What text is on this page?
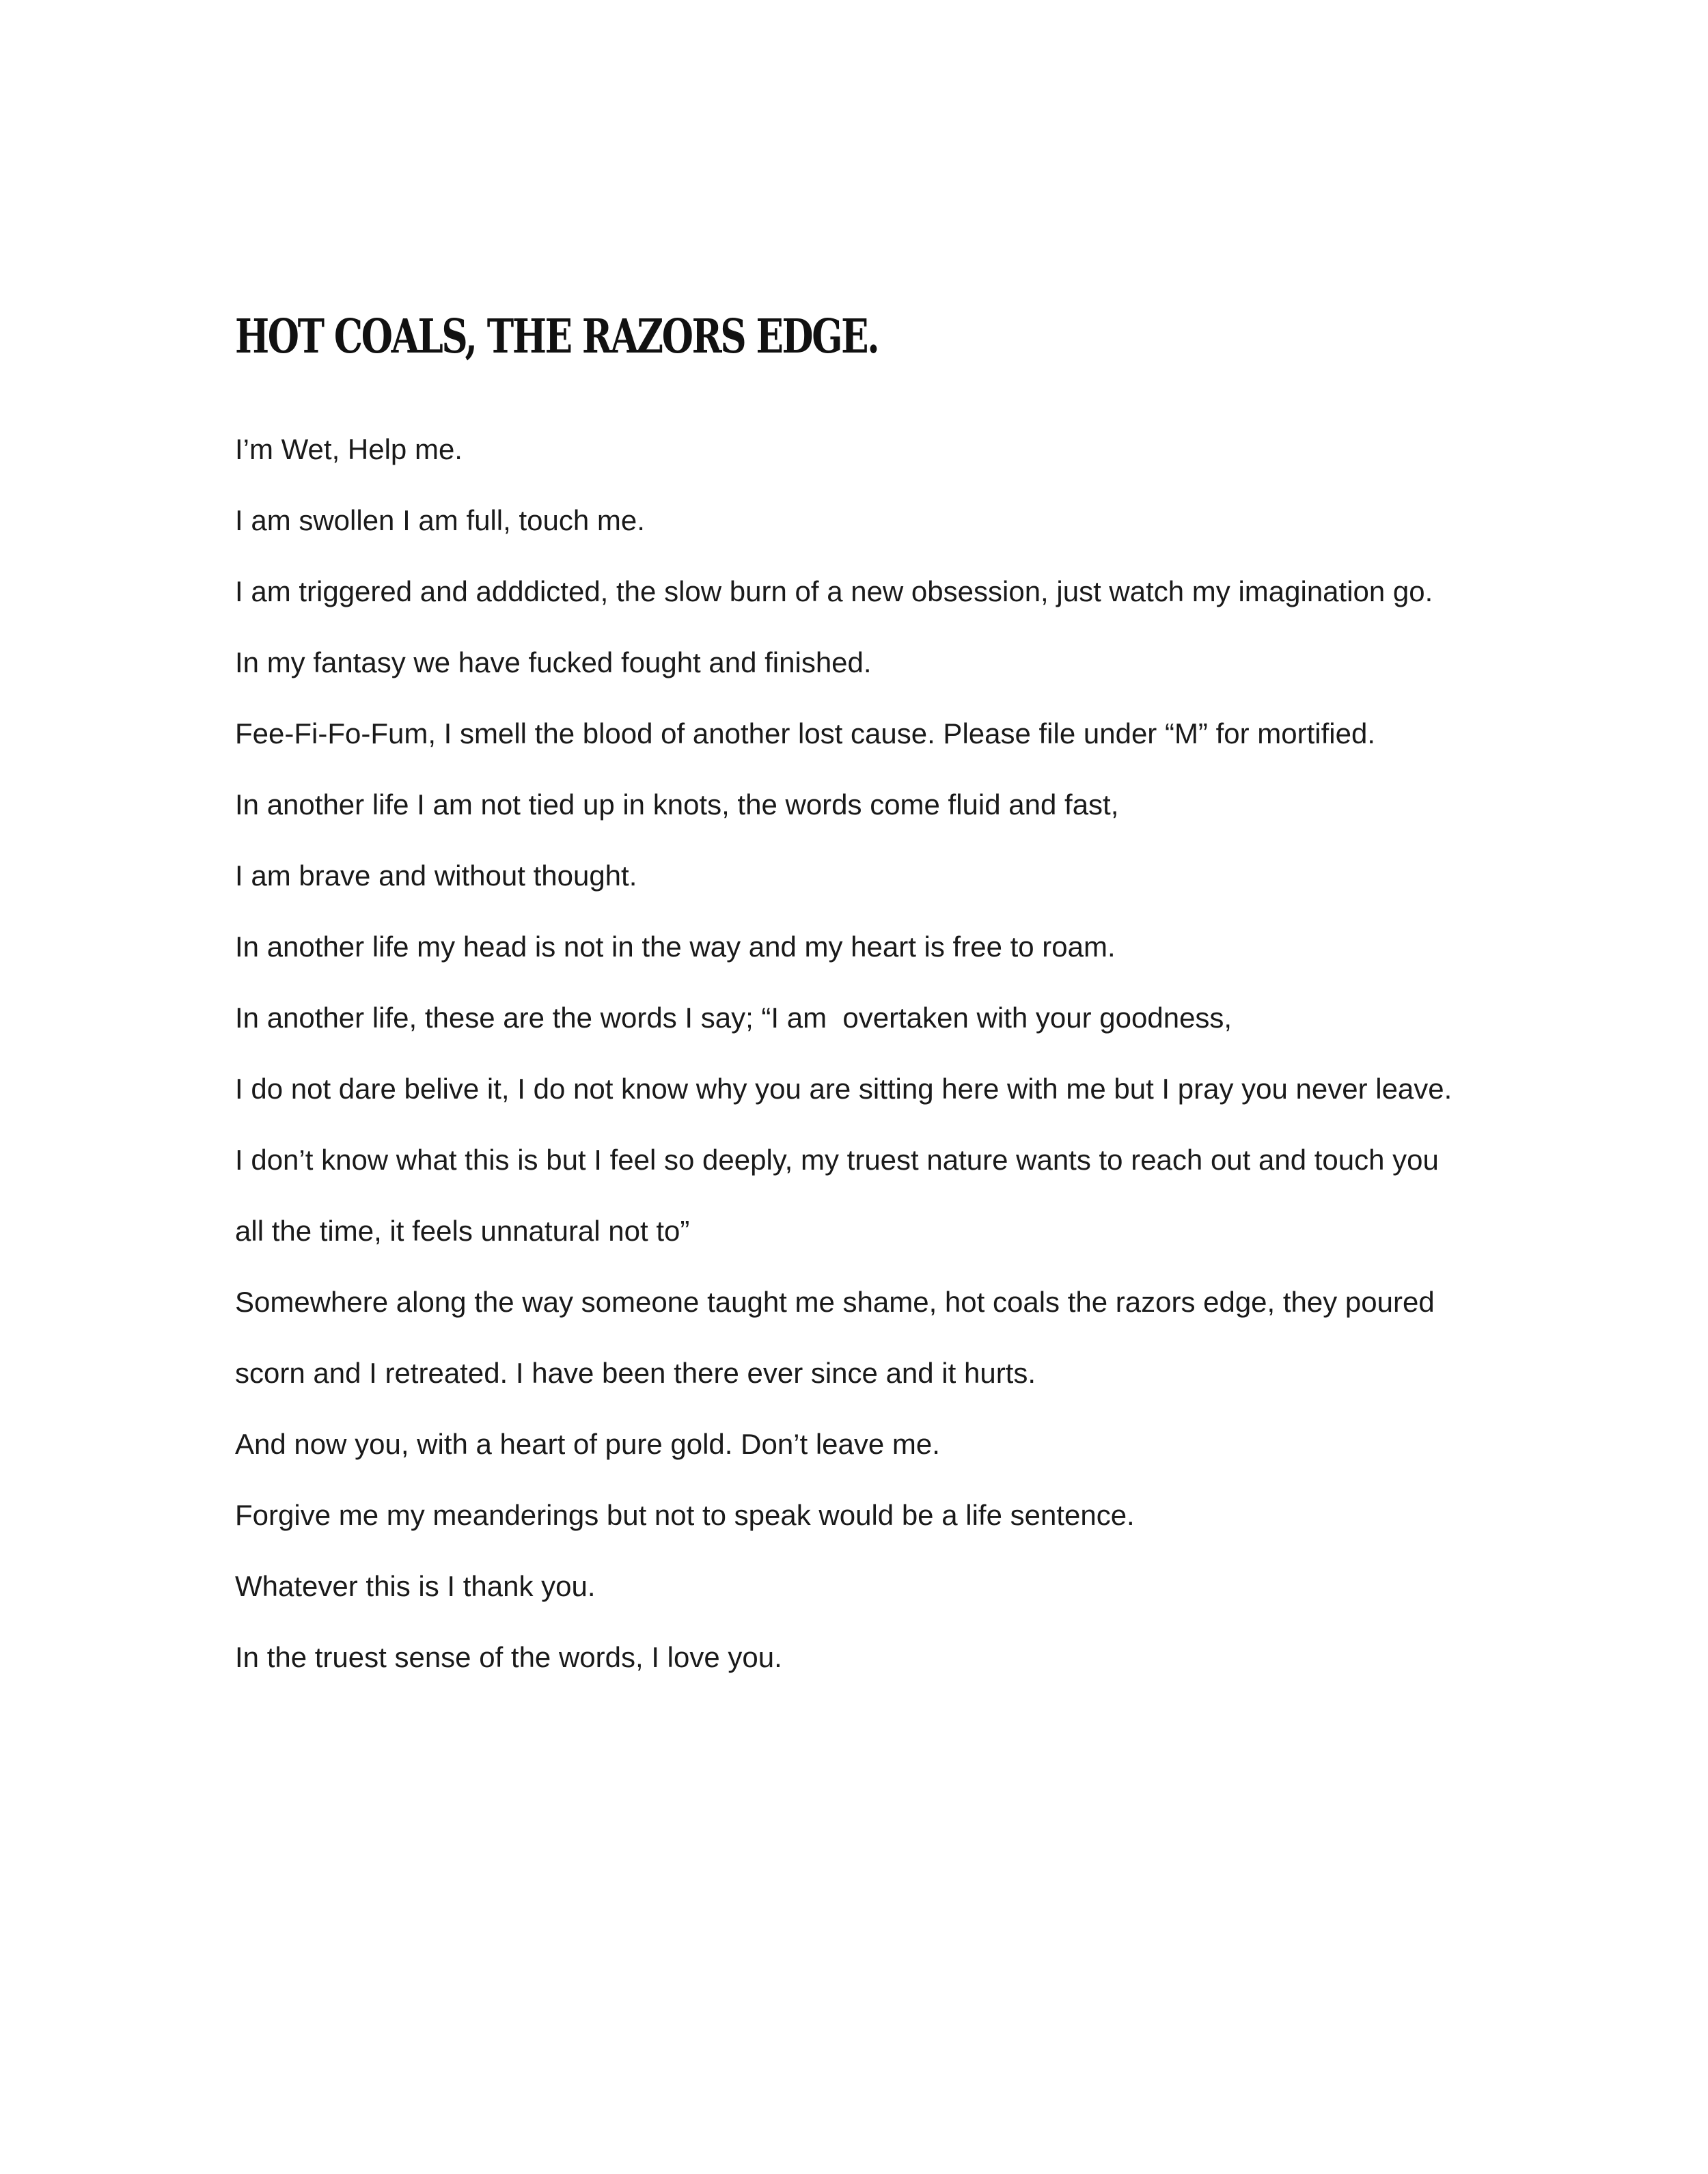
HOT COALS, THE RAZORS EDGE.
I’m Wet, Help me.
I am swollen I am full, touch me.
I am triggered and adddicted, the slow burn of a new obsession, just watch my imagination go.
In my fantasy we have fucked fought and finished.
Fee-Fi-Fo-Fum, I smell the blood of another lost cause. Please file under “M” for mortified.
In another life I am not tied up in knots, the words come fluid and fast,
I am brave and without thought.
In another life my head is not in the way and my heart is free to roam.
In another life, these are the words I say; “I am  overtaken with your goodness,
I do not dare belive it, I do not know why you are sitting here with me but I pray you never leave.
I don’t know what this is but I feel so deeply, my truest nature wants to reach out and touch you
all the time, it feels unnatural not to”
Somewhere along the way someone taught me shame, hot coals the razors edge, they poured
scorn and I retreated. I have been there ever since and it hurts.
And now you, with a heart of pure gold. Don’t leave me.
Forgive me my meanderings but not to speak would be a life sentence.
Whatever this is I thank you.
In the truest sense of the words, I love you.
